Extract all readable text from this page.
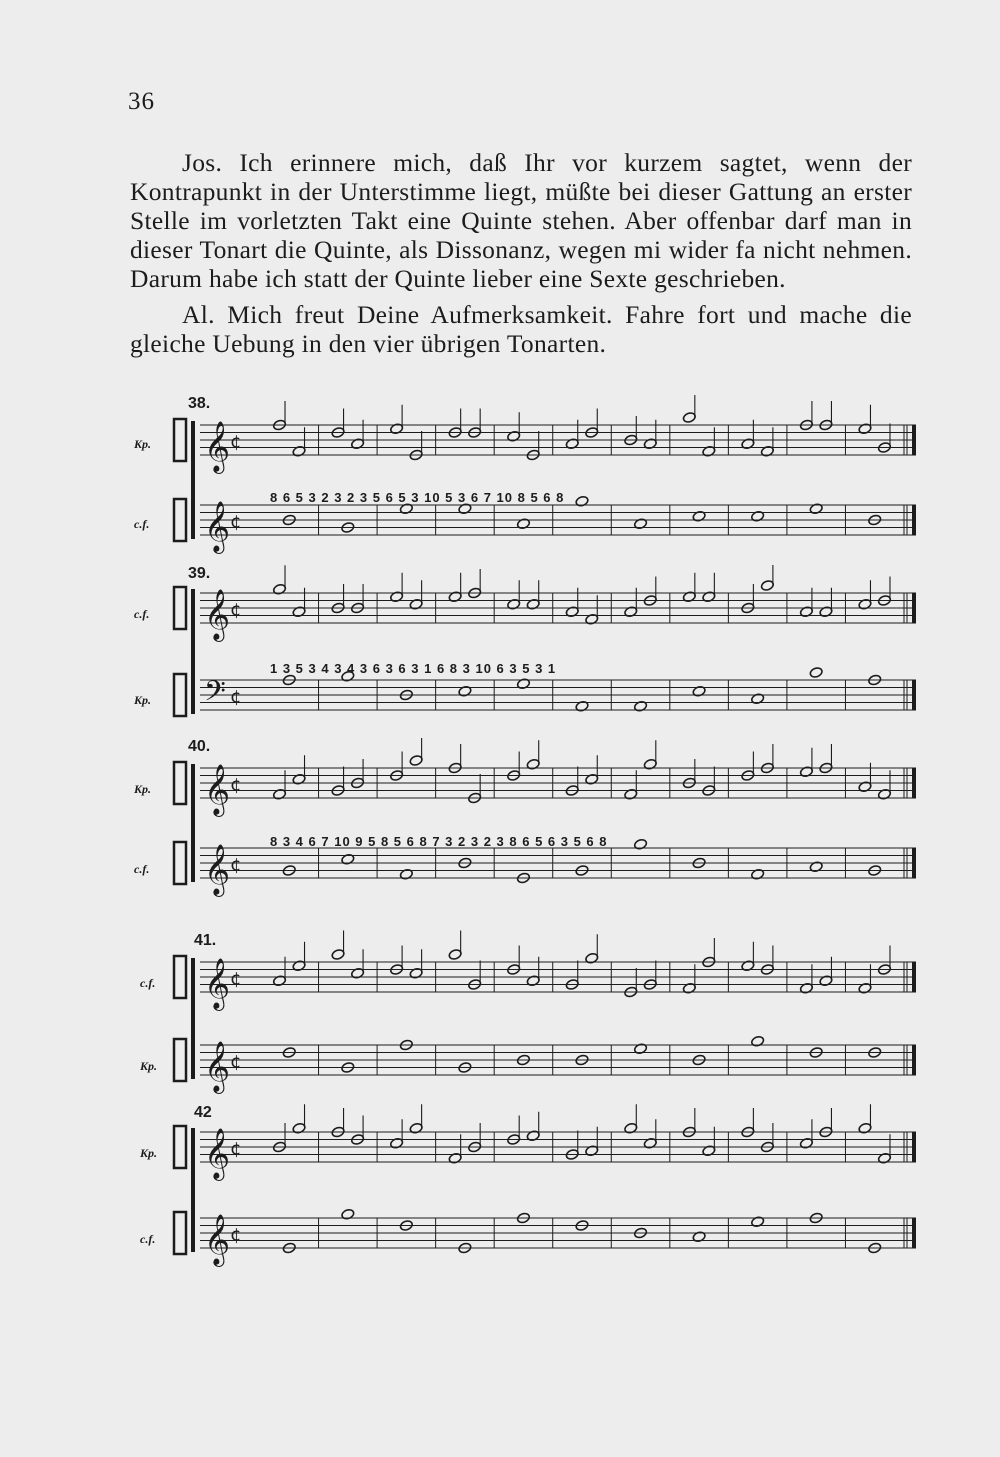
36

Jos. Ich erinnere mich, daß Ihr vor kurzem sagtet, wenn der Kontrapunkt in der Unterstimme liegt, müßte bei dieser Gattung an erster Stelle im vorletzten Takt eine Quinte stehen. Aber offenbar darf man in dieser Tonart die Quinte, als Dissonanz, wegen mi wider fa nicht nehmen. Darum habe ich statt der Quinte lieber eine Sexte geschrieben.

Al. Mich freut Deine Aufmerksamkeit. Fahre fort und mache die gleiche Uebung in den vier übrigen Tonarten.

𝄞 ¢
𝄞 ¢
38.
Kp.
c.f.
8 6 5 3 2 3 2 3 5 6 5 3 10 5 3 6 7 10 8 5 6 8
𝄞 ¢
𝄢 ¢
39.
c.f.
Kp.
1 3 5 3 4 3 4 3 6 3 6 3 1 6 8 3 10 6 3 5 3 1
𝄞 ¢
𝄞 ¢
40.
Kp.
c.f.
8 3 4 6 7 10 9 5 8 5 6 8 7 3 2 3 2 3 8 6 5 6 3 5 6 8
𝄞 ¢
𝄞 ¢
41.
c.f.
Kp.
𝄞 ¢
𝄞 ¢
42
Kp.
c.f.
